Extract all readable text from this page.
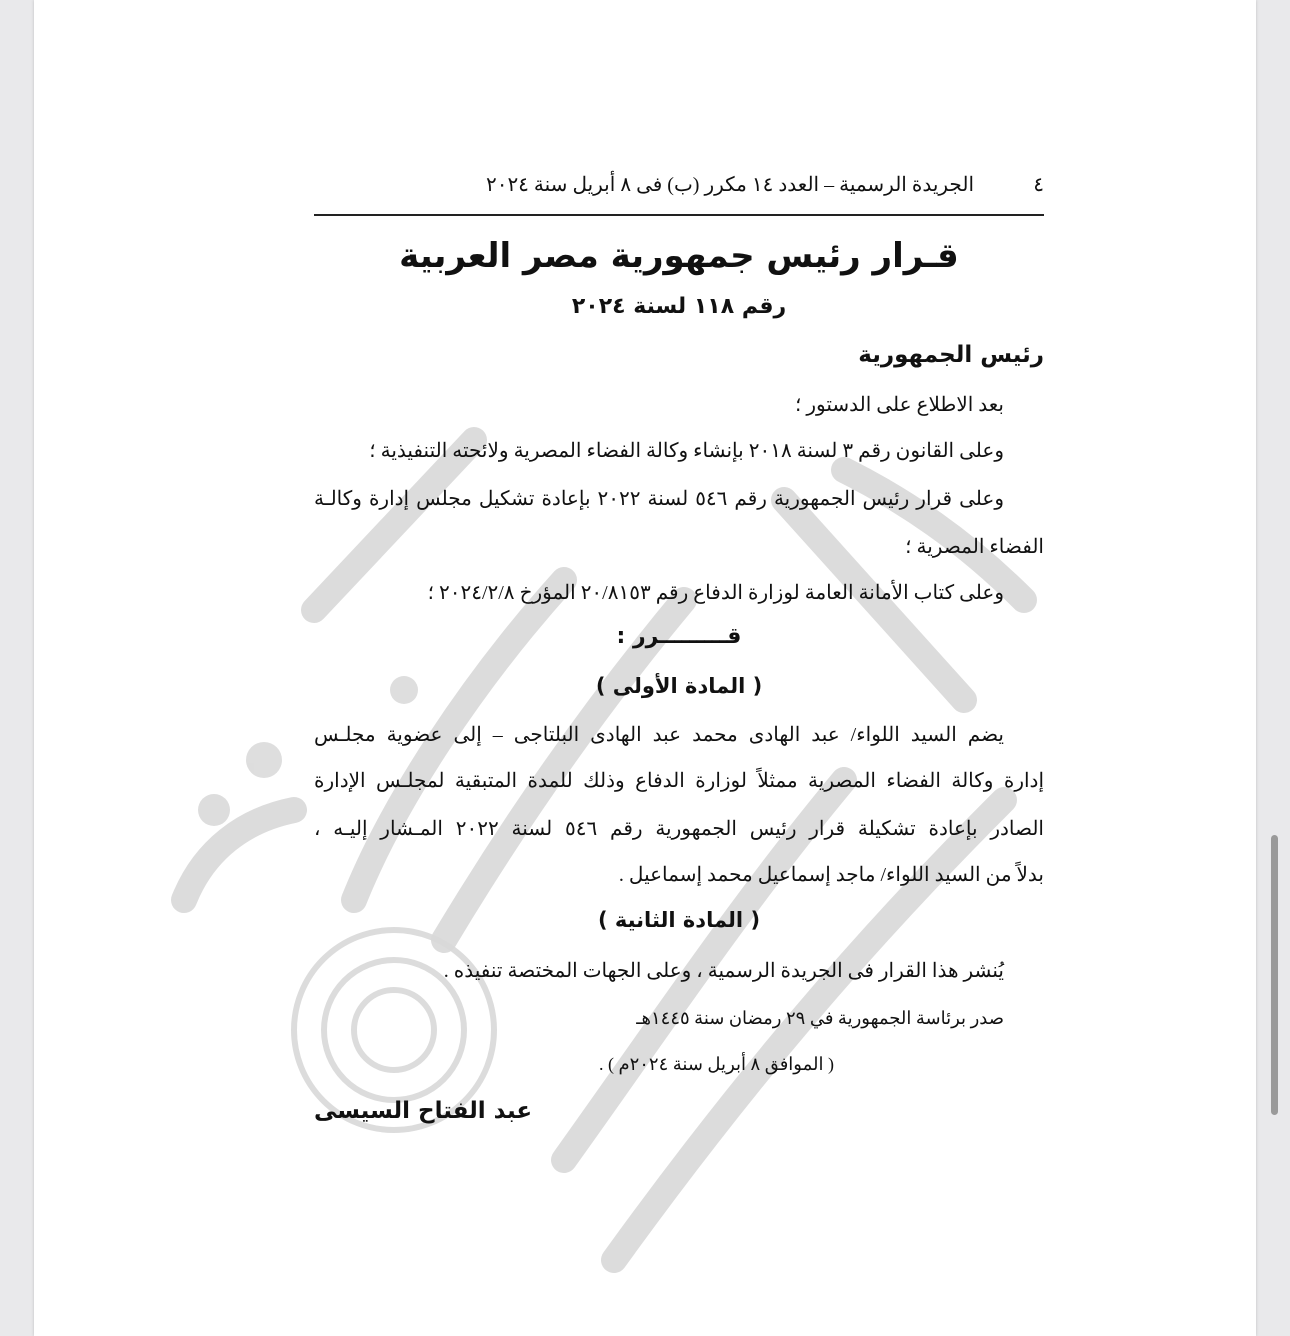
٤
الجريدة الرسمية – العدد ١٤ مكرر (ب) فى ٨ أبريل سنة ٢٠٢٤
قـرار رئيس جمهورية مصر العربية
رقم ١١٨ لسنة ٢٠٢٤
رئيس الجمهورية
بعد الاطلاع على الدستور ؛
وعلى القانون رقم ٣ لسنة ٢٠١٨ بإنشاء وكالة الفضاء المصرية ولائحته التنفيذية ؛
وعلى قرار رئيس الجمهورية رقم ٥٤٦ لسنة ٢٠٢٢ بإعادة تشكيل مجلس إدارة وكالـة
الفضاء المصرية ؛
وعلى كتاب الأمانة العامة لوزارة الدفاع رقم ٢٠/٨١٥٣ المؤرخ ٢٠٢٤/٢/٨ ؛
قـــــــــرر :
( المادة الأولى )
يضم السيد اللواء/ عبد الهادى محمد عبد الهادى البلتاجى – إلى عضوية مجلـس
إدارة وكالة الفضاء المصرية ممثلاً لوزارة الدفاع وذلك للمدة المتبقية لمجلـس الإدارة
الصادر بإعادة تشكيلة قرار رئيس الجمهورية رقم ٥٤٦ لسنة ٢٠٢٢ المـشار إليـه ،
بدلاً من السيد اللواء/ ماجد إسماعيل محمد إسماعيل .
( المادة الثانية )
يُنشر هذا القرار فى الجريدة الرسمية ، وعلى الجهات المختصة تنفيذه .
صدر برئاسة الجمهورية في ٢٩ رمضان سنة ١٤٤٥هـ
( الموافق ٨ أبريل سنة ٢٠٢٤م ) .
عبد الفتاح السيسى
